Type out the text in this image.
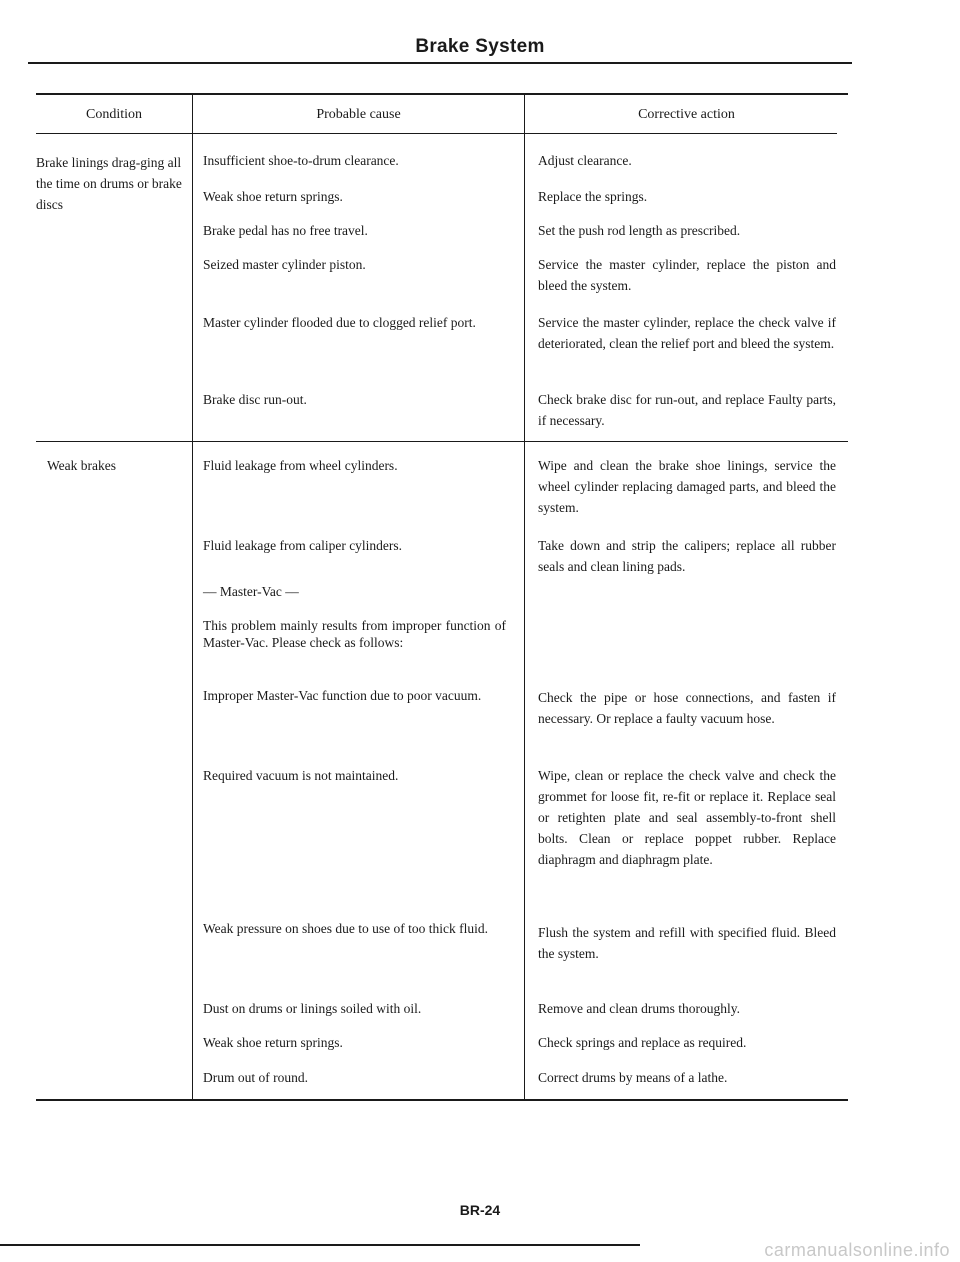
Brake System
Condition	Probable cause	Corrective action
Brake linings drag-ging all the time on drums or brake discs
Weak brakes
Insufficient shoe-to-drum clearance.
Weak shoe return springs.
Brake pedal has no free travel.
Seized master cylinder piston.
Master cylinder flooded due to clogged relief port.
Brake disc run-out.
Fluid leakage from wheel cylinders.
Fluid leakage from caliper cylinders.
–– Master-Vac ––
This problem mainly results from improper function of Master-Vac. Please check as follows:
Improper Master-Vac function due to poor vacuum.
Required vacuum is not maintained.
Weak pressure on shoes due to use of too thick fluid.
Dust on drums or linings soiled with oil.
Weak shoe return springs.
Drum out of round.
Adjust clearance.
Replace the springs.
Set the push rod length as prescribed.
Service the master cylinder, replace the piston and bleed the system.
Service the master cylinder, replace the check valve if deteriorated, clean the relief port and bleed the system.
Check brake disc for run-out, and replace Faulty parts, if necessary.
Wipe and clean the brake shoe linings, service the wheel cylinder replacing damaged parts, and bleed the system.
Take down and strip the calipers; replace all rubber seals and clean lining pads.
Check the pipe or hose connections, and fasten if necessary. Or replace a faulty vacuum hose.
Wipe, clean or replace the check valve and check the grommet for loose fit, re-fit or replace it. Replace seal or retighten plate and seal assembly-to-front shell bolts. Clean or replace poppet rubber. Replace diaphragm and diaphragm plate.
Flush the system and refill with specified fluid. Bleed the system.
Remove and clean drums thoroughly.
Check springs and replace as required.
Correct drums by means of a lathe.
BR-24
carmanualsonline.info
